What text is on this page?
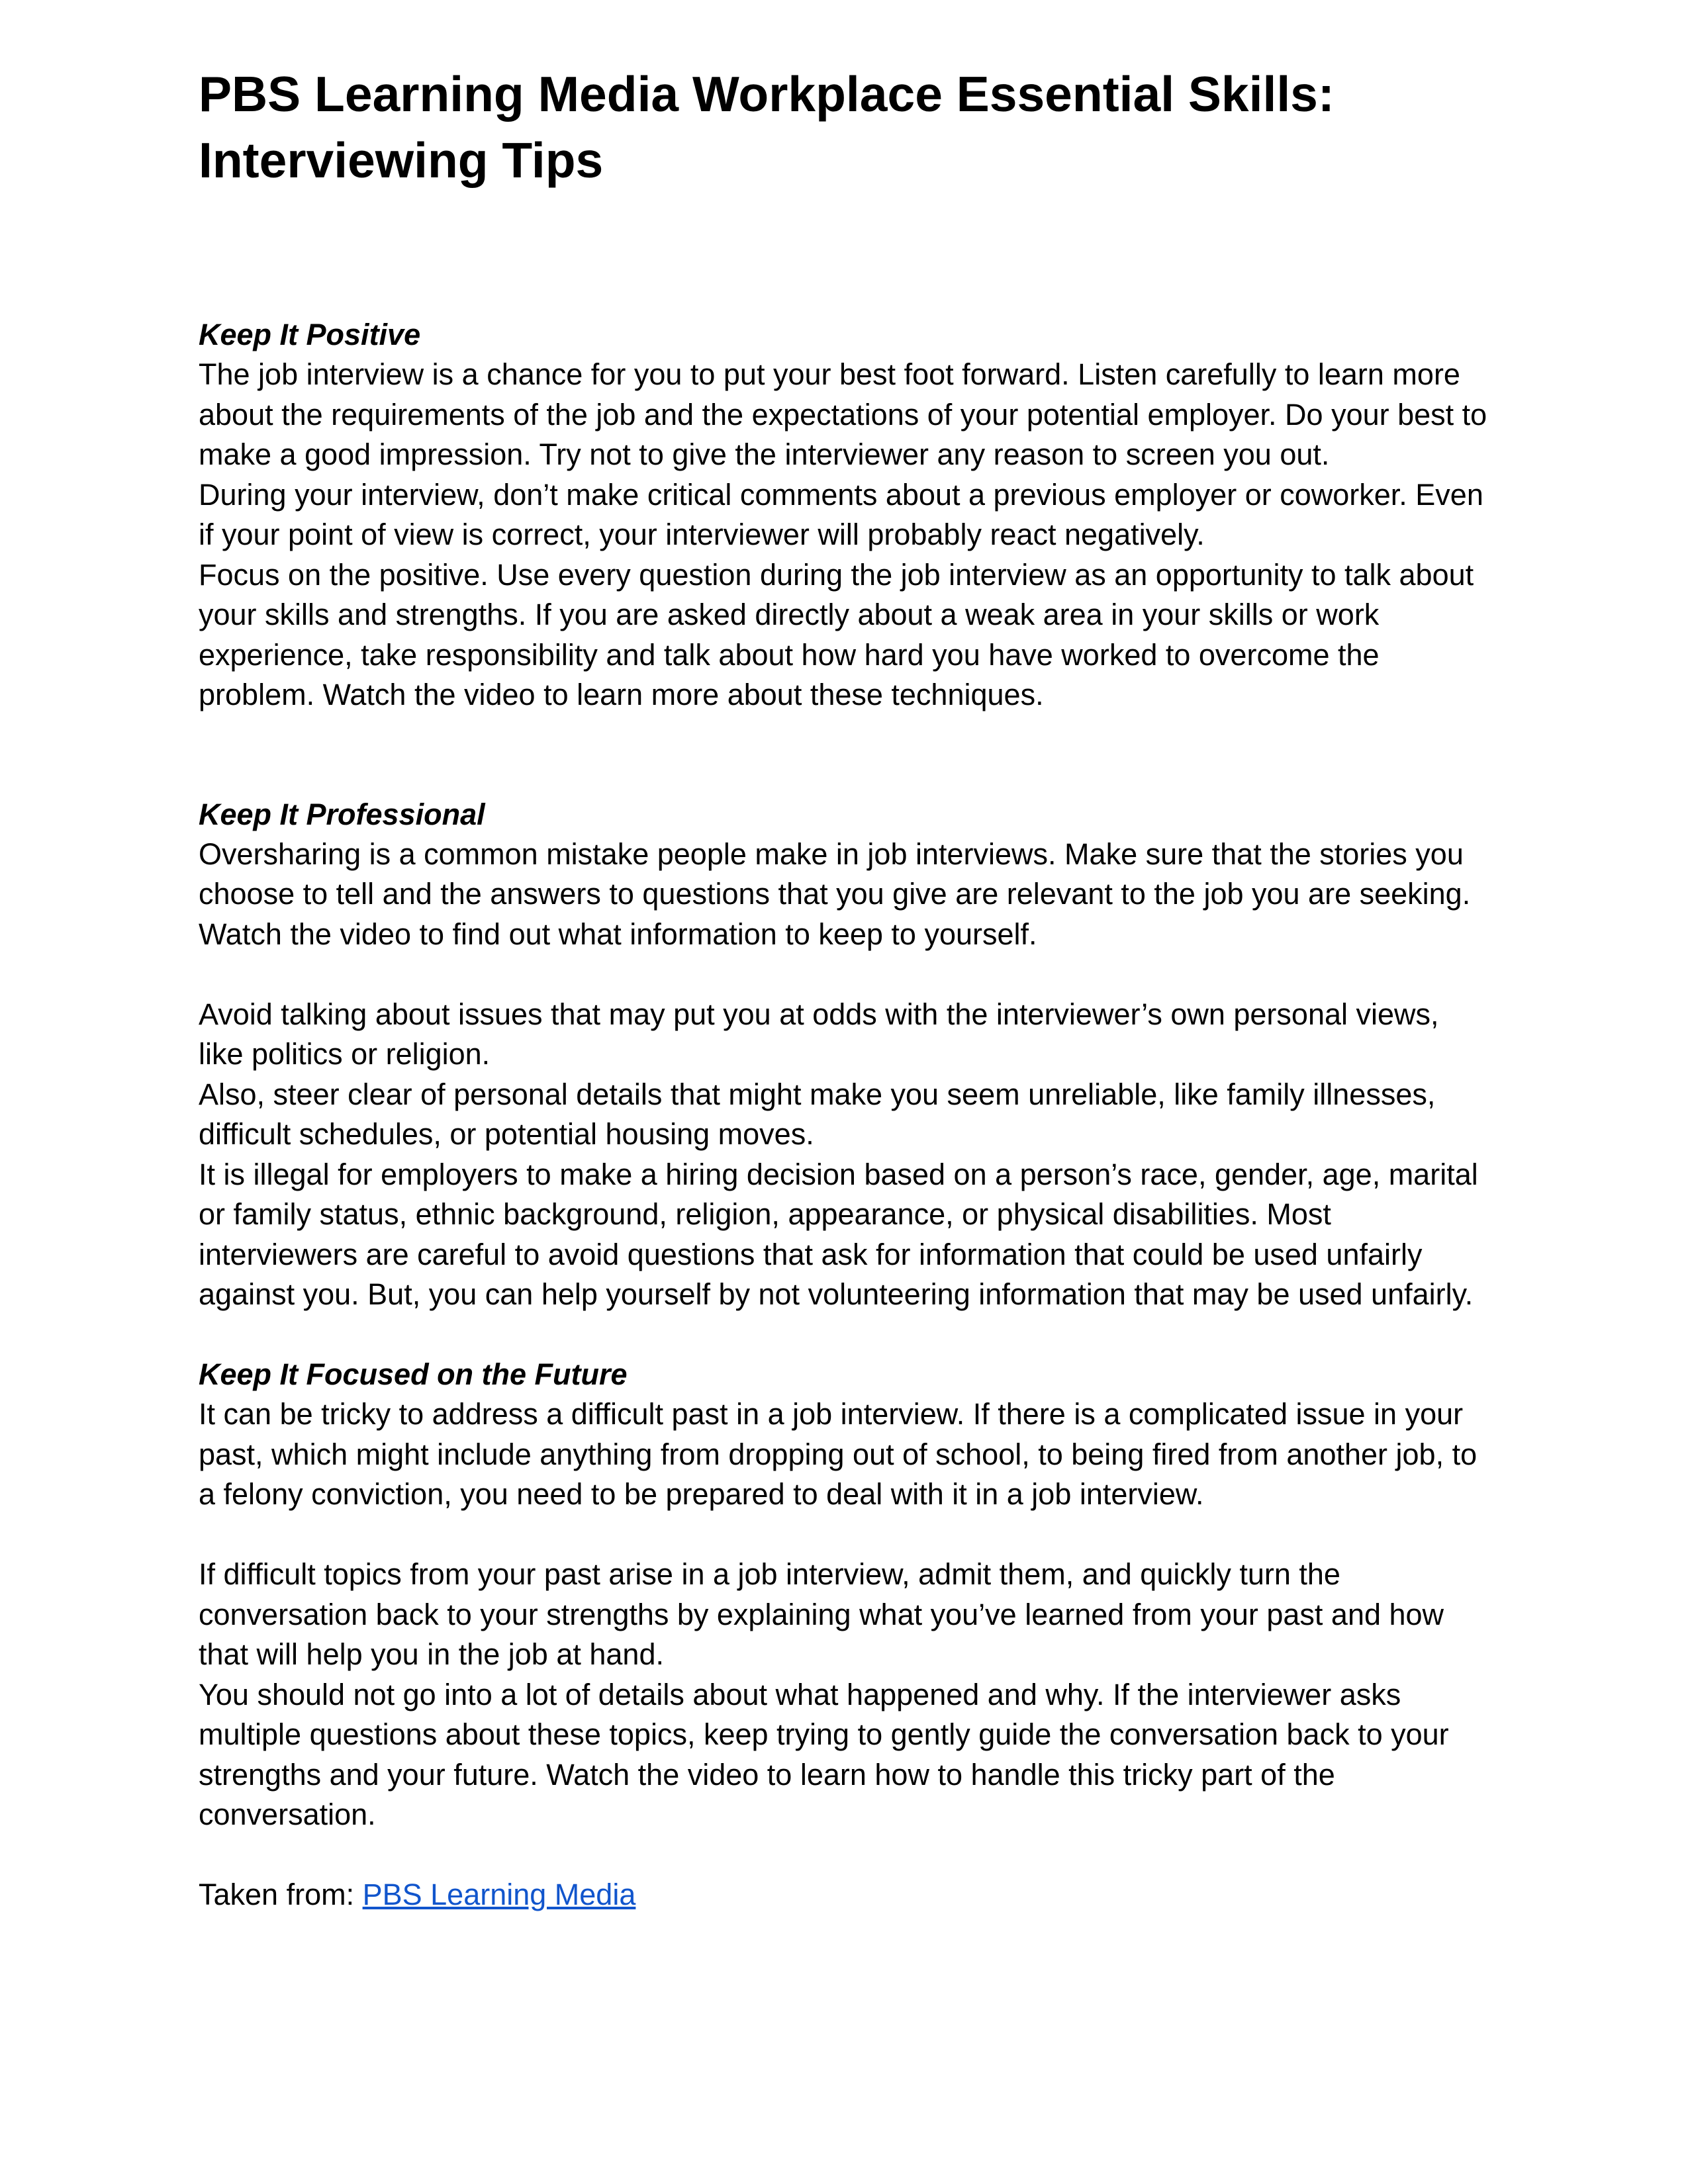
PBS Learning Media Workplace Essential Skills:
Interviewing Tips

Keep It Positive

The job interview is a chance for you to put your best foot forward. Listen carefully to learn more about the requirements of the job and the expectations of your potential employer. Do your best to make a good impression. Try not to give the interviewer any reason to screen you out.

During your interview, don’t make critical comments about a previous employer or coworker. Even if your point of view is correct, your interviewer will probably react negatively.

Focus on the positive. Use every question during the job interview as an opportunity to talk about your skills and strengths. If you are asked directly about a weak area in your skills or work experience, take responsibility and talk about how hard you have worked to overcome the problem. Watch the video to learn more about these techniques.

Keep It Professional

Oversharing is a common mistake people make in job interviews. Make sure that the stories you choose to tell and the answers to questions that you give are relevant to the job you are seeking. Watch the video to find out what information to keep to yourself.

Avoid talking about issues that may put you at odds with the interviewer’s own personal views, like politics or religion.

Also, steer clear of personal details that might make you seem unreliable, like family illnesses, difficult schedules, or potential housing moves.

It is illegal for employers to make a hiring decision based on a person’s race, gender, age, marital or family status, ethnic background, religion, appearance, or physical disabilities. Most interviewers are careful to avoid questions that ask for information that could be used unfairly against you. But, you can help yourself by not volunteering information that may be used unfairly.

Keep It Focused on the Future

It can be tricky to address a difficult past in a job interview. If there is a complicated issue in your past, which might include anything from dropping out of school, to being fired from another job, to a felony conviction, you need to be prepared to deal with it in a job interview.

If difficult topics from your past arise in a job interview, admit them, and quickly turn the conversation back to your strengths by explaining what you’ve learned from your past and how that will help you in the job at hand.

You should not go into a lot of details about what happened and why. If the interviewer asks multiple questions about these topics, keep trying to gently guide the conversation back to your strengths and your future. Watch the video to learn how to handle this tricky part of the conversation.

Taken from: PBS Learning Media
